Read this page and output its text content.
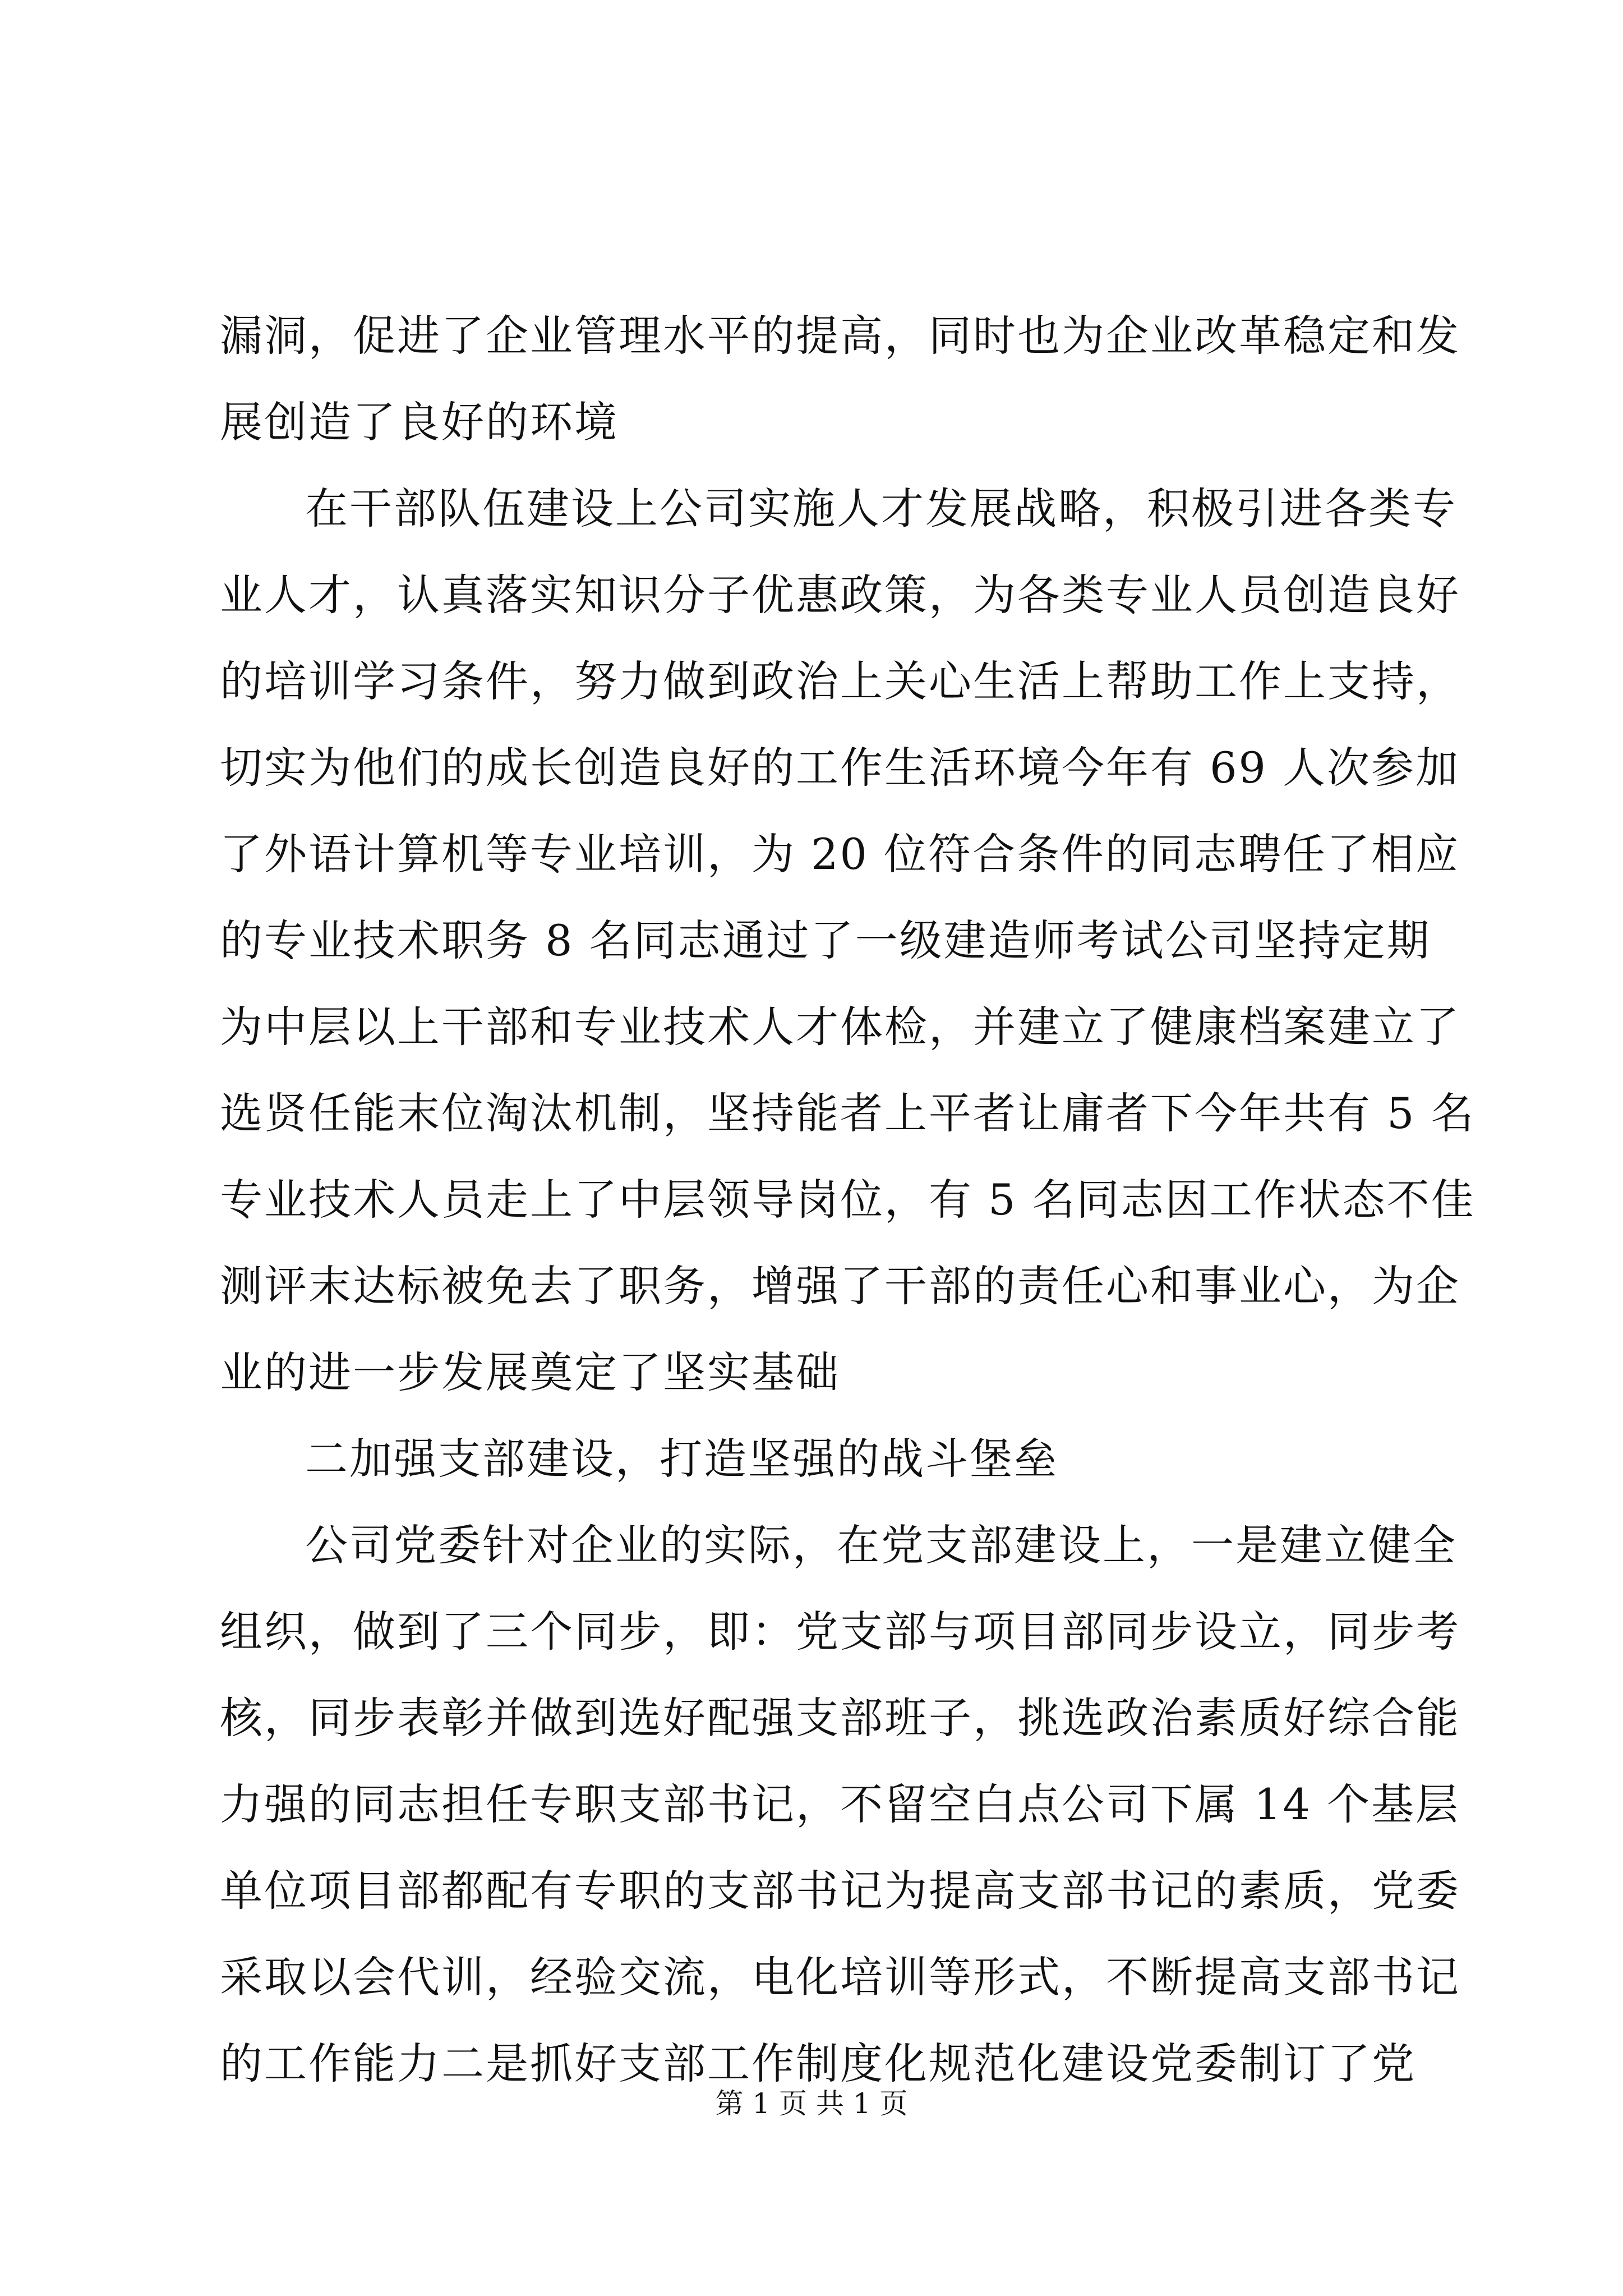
漏洞，促进了企业管理水平的提高，同时也为企业改革稳定和发
展创造了良好的环境
在干部队伍建设上公司实施人才发展战略，积极引进各类专
业人才，认真落实知识分子优惠政策，为各类专业人员创造良好
的培训学习条件，努力做到政治上关心生活上帮助工作上支持，
切实为他们的成长创造良好的工作生活环境今年有 69 人次参加
了外语计算机等专业培训，为 20 位符合条件的同志聘任了相应
的专业技术职务 8 名同志通过了一级建造师考试公司坚持定期
为中层以上干部和专业技术人才体检，并建立了健康档案建立了
选贤任能末位淘汰机制，坚持能者上平者让庸者下今年共有 5 名
专业技术人员走上了中层领导岗位，有 5 名同志因工作状态不佳
测评末达标被免去了职务，增强了干部的责任心和事业心，为企
业的进一步发展奠定了坚实基础
二加强支部建设，打造坚强的战斗堡垒
公司党委针对企业的实际，在党支部建设上，一是建立健全
组织，做到了三个同步，即：党支部与项目部同步设立，同步考
核，同步表彰并做到选好配强支部班子，挑选政治素质好综合能
力强的同志担任专职支部书记，不留空白点公司下属 14 个基层
单位项目部都配有专职的支部书记为提高支部书记的素质，党委
采取以会代训，经验交流，电化培训等形式，不断提高支部书记
的工作能力二是抓好支部工作制度化规范化建设党委制订了党
第 1 页 共 1 页
